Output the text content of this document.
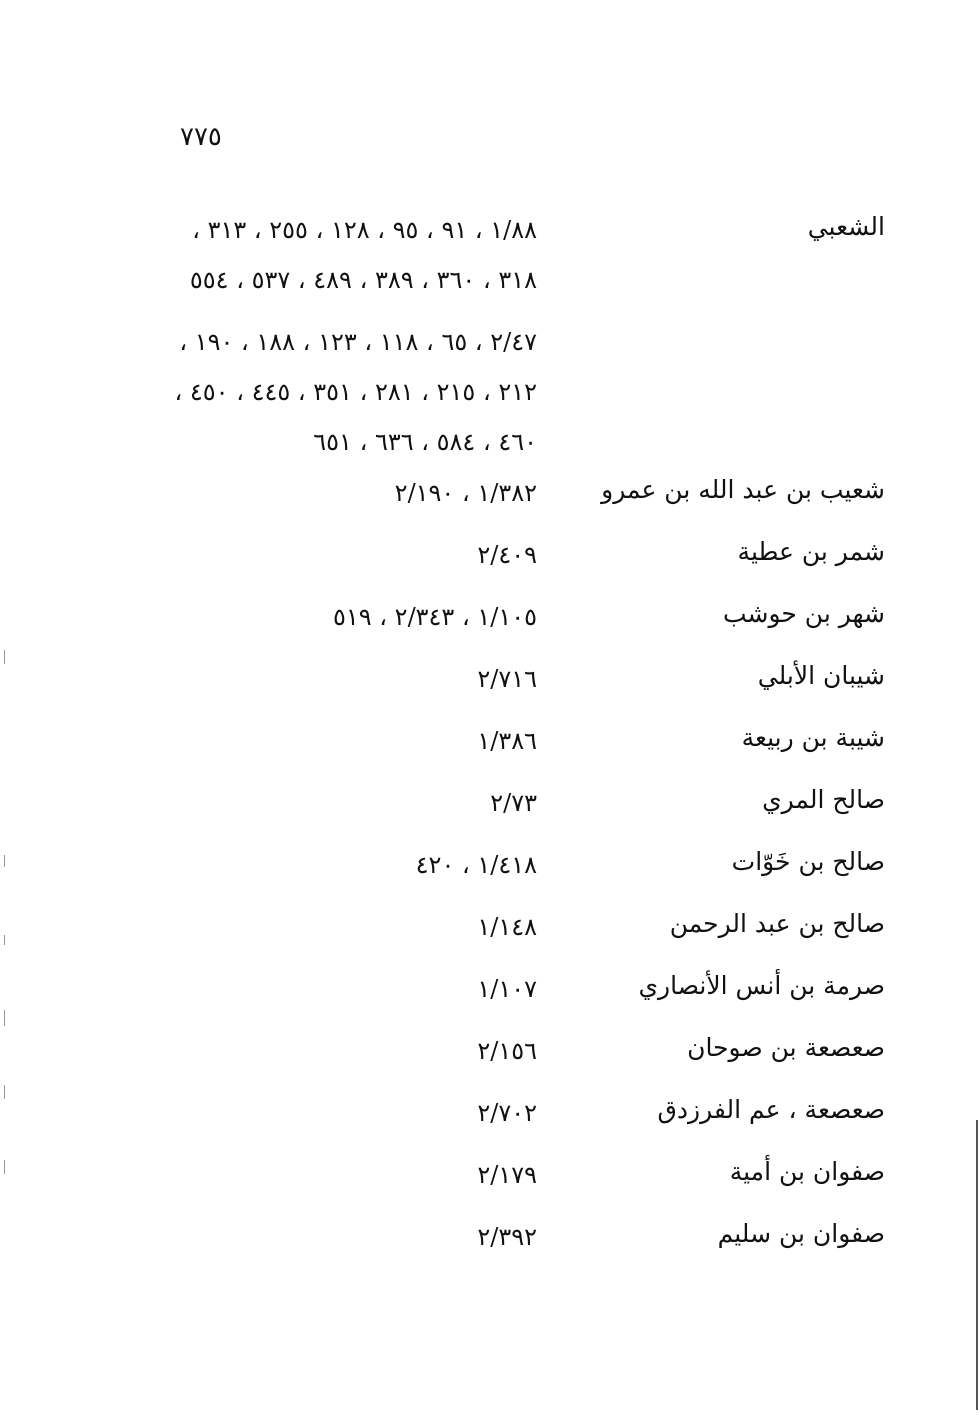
٧٧٥
الشعبي
١/٨٨ ، ٩١ ، ٩٥ ، ١٢٨ ، ٢٥٥ ، ٣١٣ ،
٣١٨ ، ٣٦٠ ، ٣٨٩ ، ٤٨٩ ، ٥٣٧ ، ٥٥٤
٢/٤٧ ، ٦٥ ، ١١٨ ، ١٢٣ ، ١٨٨ ، ١٩٠ ،
٢١٢ ، ٢١٥ ، ٢٨١ ، ٣٥١ ، ٤٤٥ ، ٤٥٠ ،
٤٦٠ ، ٥٨٤ ، ٦٣٦ ، ٦٥١
شعيب بن عبد الله بن عمرو
١/٣٨٢ ، ٢/١٩٠
شمر بن عطية
٢/٤٠٩
شهر بن حوشب
١/١٠٥ ، ٢/٣٤٣ ، ٥١٩
شيبان الأبلي
٢/٧١٦
شيبة بن ربيعة
١/٣٨٦
صالح المري
٢/٧٣
صالح بن خَوّات
١/٤١٨ ، ٤٢٠
صالح بن عبد الرحمن
١/١٤٨
صرمة بن أنس الأنصاري
١/١٠٧
صعصعة بن صوحان
٢/١٥٦
صعصعة ، عم الفرزدق
٢/٧٠٢
صفوان بن أمية
٢/١٧٩
صفوان بن سليم
٢/٣٩٢
